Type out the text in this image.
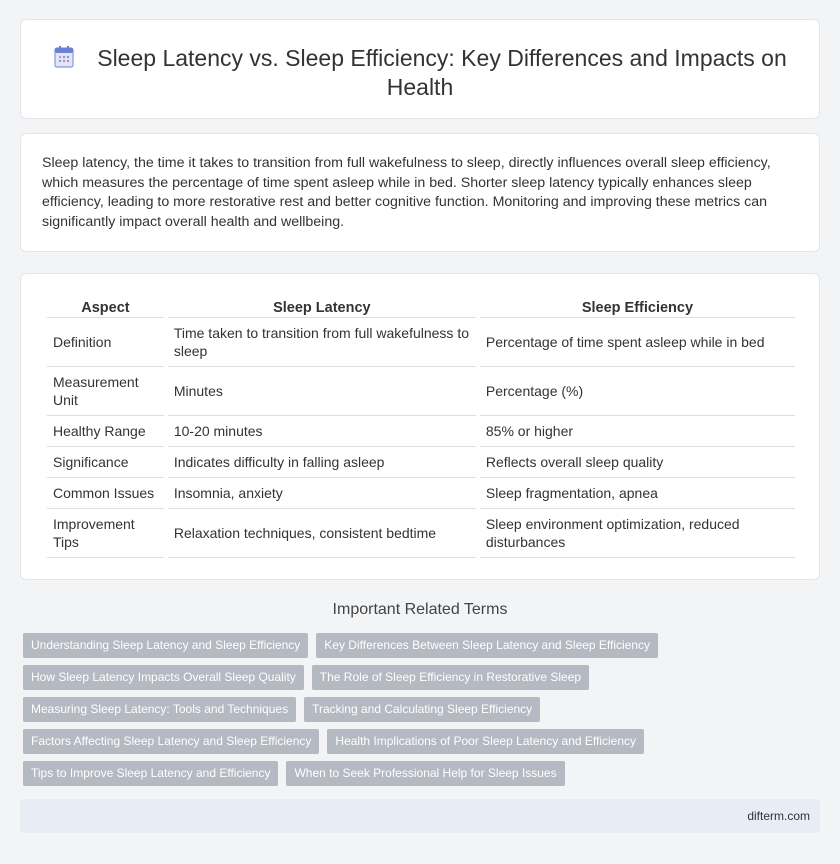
Sleep Latency vs. Sleep Efficiency: Key Differences and Impacts on Health

Sleep latency, the time it takes to transition from full wakefulness to sleep, directly influences overall sleep efficiency, which measures the percentage of time spent asleep while in bed. Shorter sleep latency typically enhances sleep efficiency, leading to more restorative rest and better cognitive function. Monitoring and improving these metrics can significantly impact overall health and wellbeing.

Aspect	Sleep Latency	Sleep Efficiency
Definition	Time taken to transition from full wakefulness to sleep	Percentage of time spent asleep while in bed
Measurement Unit	Minutes	Percentage (%)
Healthy Range	10-20 minutes	85% or higher
Significance	Indicates difficulty in falling asleep	Reflects overall sleep quality
Common Issues	Insomnia, anxiety	Sleep fragmentation, apnea
Improvement Tips	Relaxation techniques, consistent bedtime	Sleep environment optimization, reduced disturbances
Important Related Terms
Understanding Sleep Latency and Sleep Efficiency	Key Differences Between Sleep Latency and Sleep Efficiency
How Sleep Latency Impacts Overall Sleep Quality	The Role of Sleep Efficiency in Restorative Sleep
Measuring Sleep Latency: Tools and Techniques	Tracking and Calculating Sleep Efficiency
Factors Affecting Sleep Latency and Sleep Efficiency	Health Implications of Poor Sleep Latency and Efficiency
Tips to Improve Sleep Latency and Efficiency	When to Seek Professional Help for Sleep Issues
difterm.com
